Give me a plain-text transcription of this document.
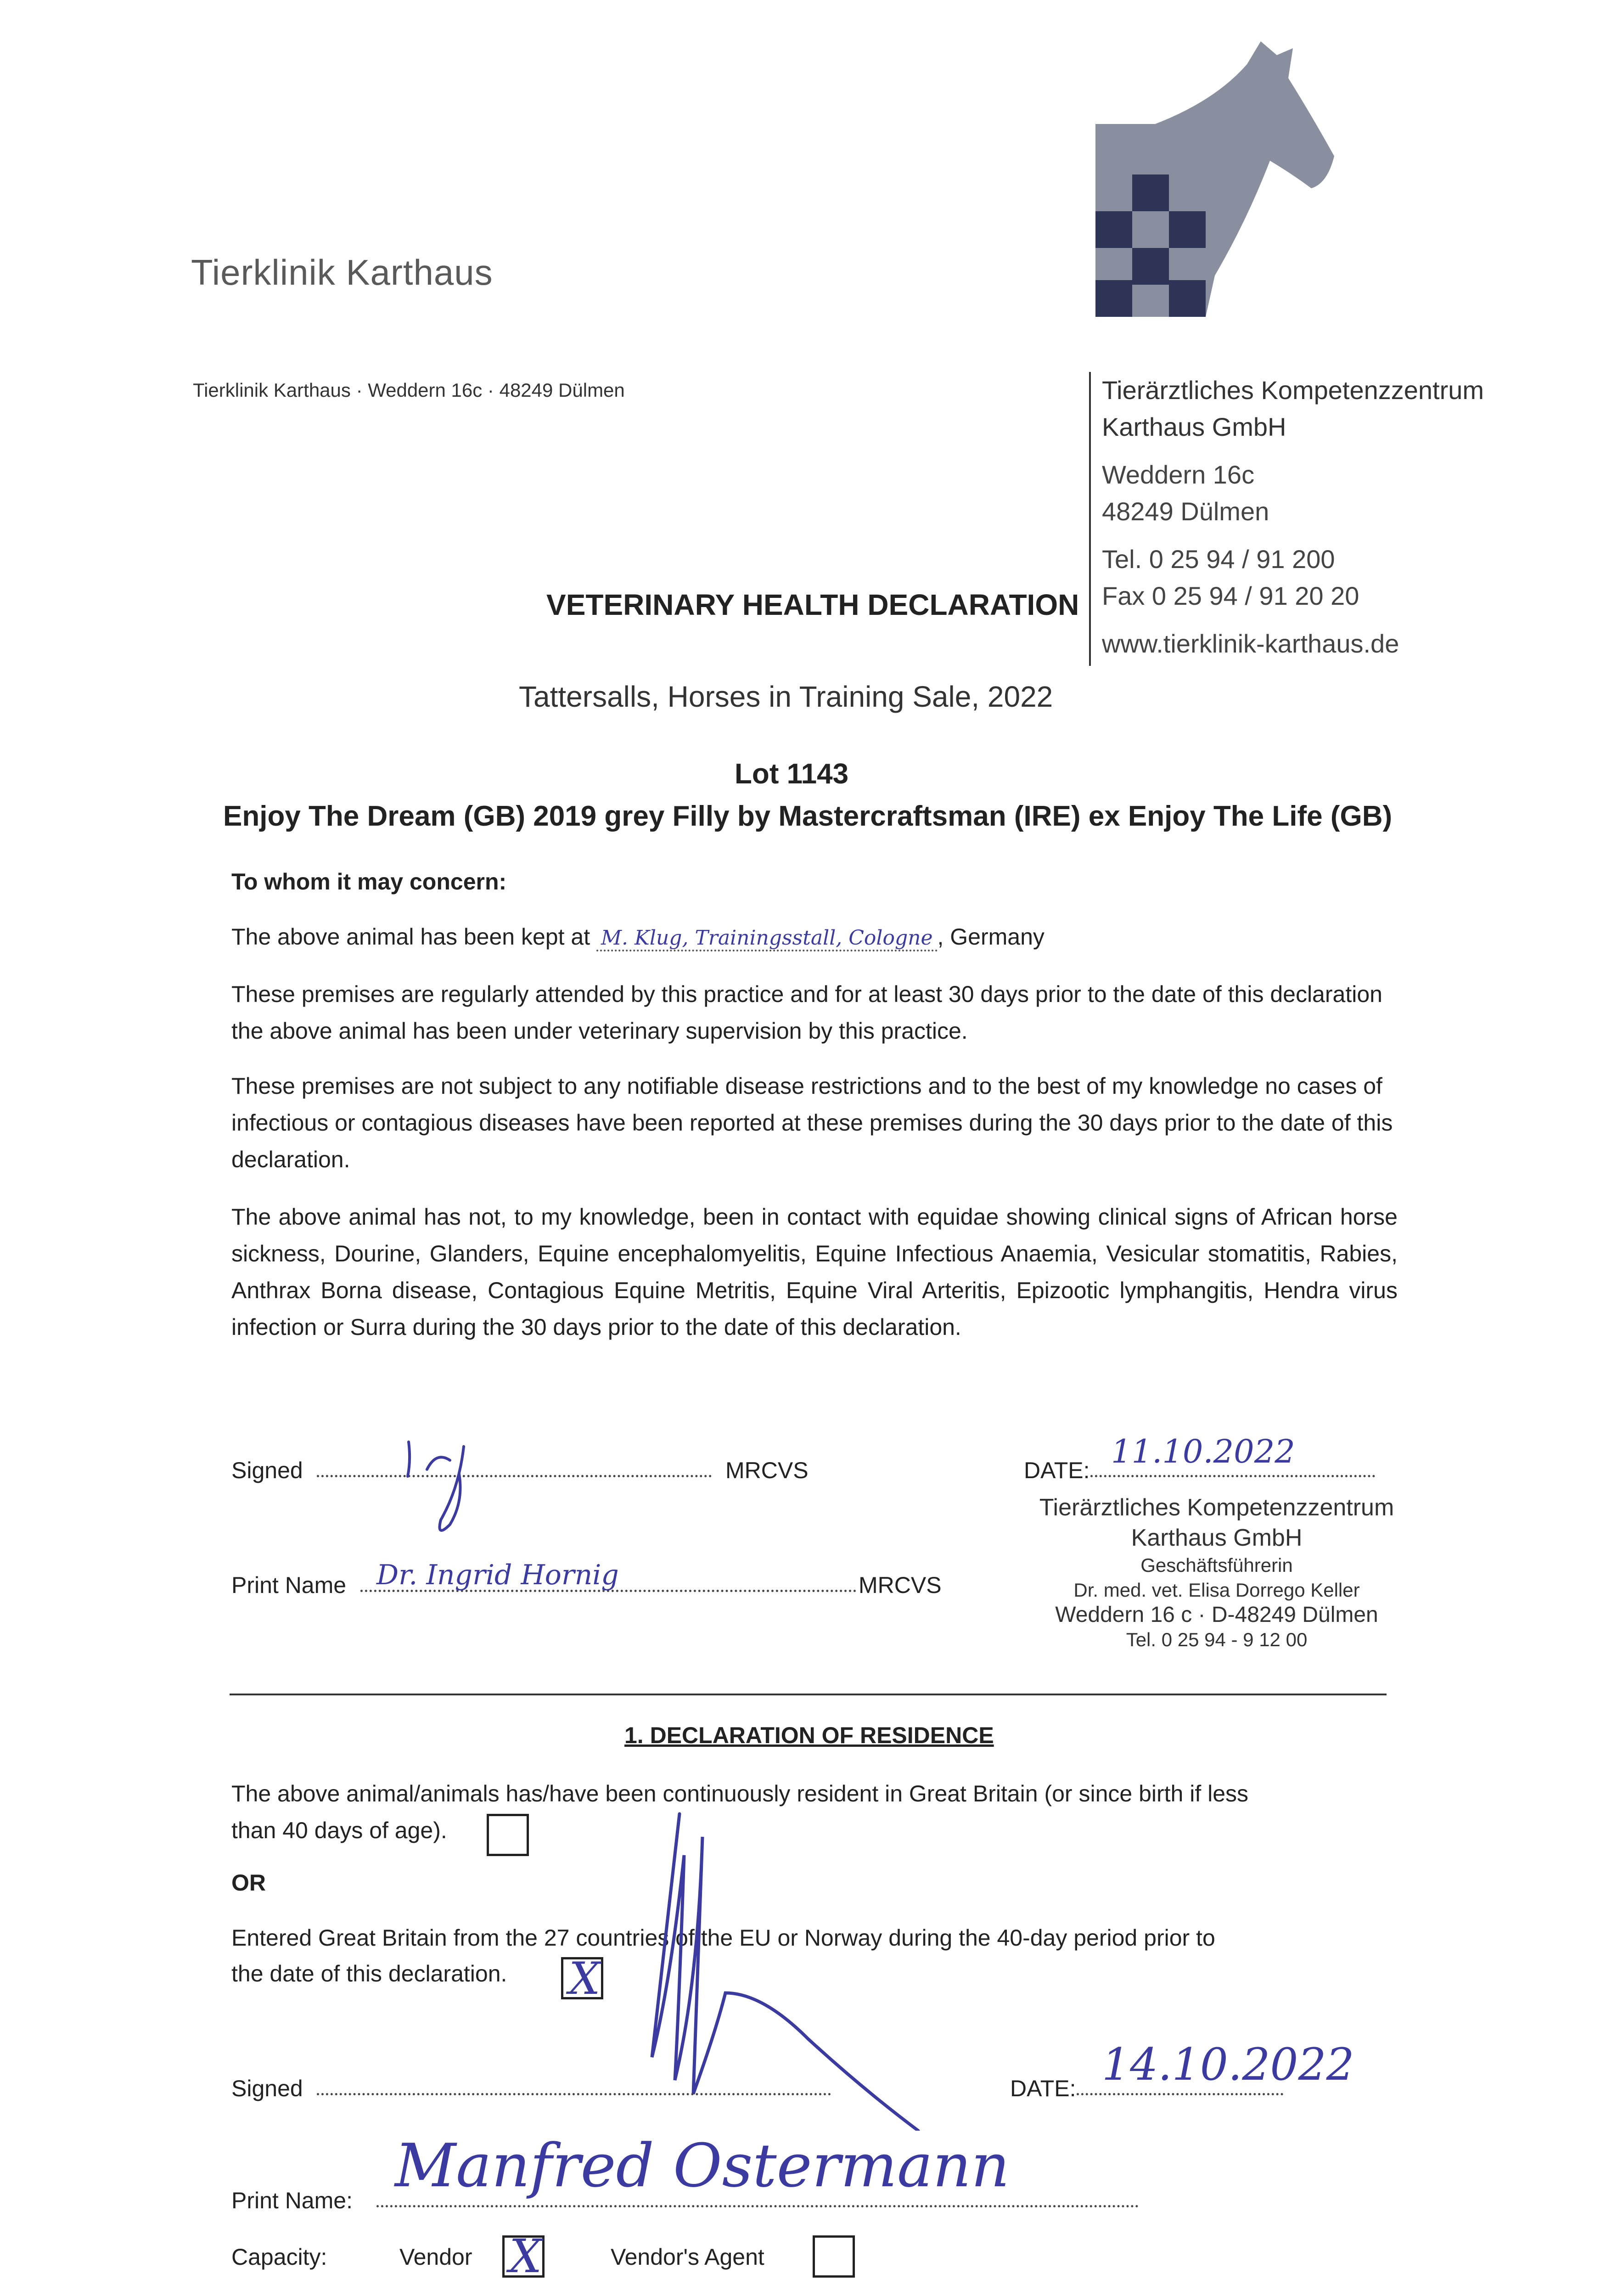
Tierklinik Karthaus
Tierklinik Karthaus · Weddern 16c · 48249 Dülmen	Tierärztliches Kompetenzzentrum
Karthaus GmbH
Weddern 16c
48249 Dülmen
Tel. 0 25 94 / 91 200
Fax 0 25 94 / 91 20 20
www.tierklinik-karthaus.de
VETERINARY HEALTH DECLARATION
Tattersalls, Horses in Training Sale, 2022
Lot 1143
Enjoy The Dream (GB) 2019 grey Filly by Mastercraftsman (IRE) ex Enjoy The Life (GB)
To whom it may concern:
The above animal has been kept at M. Klug, Trainingsstall, Cologne , Germany
These premises are regularly attended by this practice and for at least 30 days prior to the date of this declaration the above animal has been under veterinary supervision by this practice.
These premises are not subject to any notifiable disease restrictions and to the best of my knowledge no cases of infectious or contagious diseases have been reported at these premises during the 30 days prior to the date of this declaration.
The above animal has not, to my knowledge, been in contact with equidae showing clinical signs of African horse sickness, Dourine, Glanders, Equine encephalomyelitis, Equine Infectious Anaemia, Vesicular stomatitis, Rabies, Anthrax Borna disease, Contagious Equine Metritis, Equine Viral Arteritis, Epizootic lymphangitis, Hendra virus infection or Surra during the 30 days prior to the date of this declaration.
Signed	MRCVS	DATE: 11.10.2022
Print Name Dr. Ingrid Hornig	MRCVS
Tierärztliches Kompetenzzentrum
Karthaus GmbH
Geschäftsführerin
Dr. med. vet. Elisa Dorrego Keller
Weddern 16 c · D-48249 Dülmen
Tel. 0 25 94 - 9 12 00
1. DECLARATION OF RESIDENCE
The above animal/animals has/have been continuously resident in Great Britain (or since birth if less
than 40 days of age).
OR
Entered Great Britain from the 27 countries of the EU or Norway during the 40-day period prior to
the date of this declaration. X
Signed	DATE: 14.10.2022
Print Name: Manfred Ostermann
Capacity:	Vendor X	Vendor's Agent
